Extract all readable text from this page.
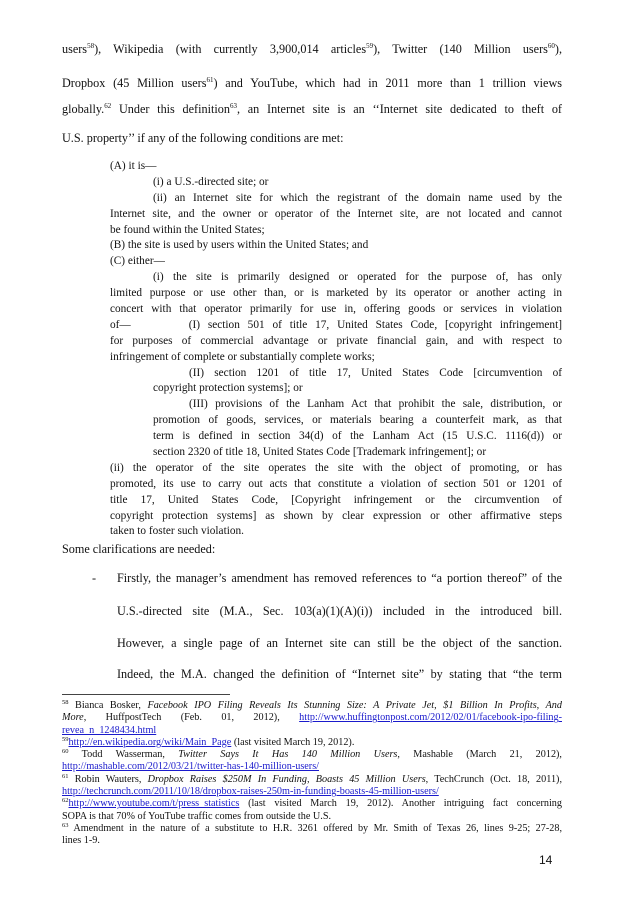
users$^{58}$), Wikipedia (with currently 3,900,014 articles$^{59}$), Twitter (140 Million users$^{60}$),
Dropbox (45 Million users$^{61}$) and YouTube, which had in 2011 more than 1 trillion views
globally.$^{62}$ Under this definition$^{63}$, an Internet site is an ‘‘Internet site dedicated to theft of
U.S. property’’ if any of the following conditions are met:
(A) it is—
(i) a U.S.-directed site; or
(ii) an Internet site for which the registrant of the domain name used by the
Internet site, and the owner or operator of the Internet site, are not located and cannot
be found within the United States;
(B) the site is used by users within the United States; and
(C) either—
(i) the site is primarily designed or operated for the purpose of, has only
limited purpose or use other than, or is marketed by its operator or another acting in
concert with that operator primarily for use in, offering goods or services in violation
of—	(I) section 501 of title 17, United States Code, [copyright infringement]
for purposes of commercial advantage or private financial gain, and with respect to
infringement of complete or substantially complete works;
(II) section 1201 of title 17, United States Code [circumvention of
copyright protection systems]; or
(III) provisions of the Lanham Act that prohibit the sale, distribution, or
promotion of goods, services, or materials bearing a counterfeit mark, as that
term is defined in section 34(d) of the Lanham Act (15 U.S.C. 1116(d)) or
section 2320 of title 18, United States Code [Trademark infringement]; or
(ii) the operator of the site operates the site with the object of promoting, or has
promoted, its use to carry out acts that constitute a violation of section 501 or 1201 of
title 17, United States Code, [Copyright infringement or the circumvention of
copyright protection systems] as shown by clear expression or other affirmative steps
taken to foster such violation.
Some clarifications are needed:
- Firstly, the manager’s amendment has removed references to “a portion thereof” of the
U.S.-directed site (M.A., Sec. 103(a)(1)(A)(i)) included in the introduced bill.
However, a single page of an Internet site can still be the object of the sanction.
Indeed, the M.A. changed the definition of “Internet site” by stating that “the term
$^{58}$ Bianca Bosker, Facebook IPO Filing Reveals Its Stunning Size: A Private Jet, $1 Billion In Profits, And
More, HuffpostTech (Feb. 01, 2012), http://www.huffingtonpost.com/2012/02/01/facebook-ipo-filing-
revea_n_1248434.html
$^{59}$http://en.wikipedia.org/wiki/Main_Page (last visited March 19, 2012).
$^{60}$ Todd Wasserman, Twitter Says It Has 140 Million Users, Mashable (March 21, 2012),
http://mashable.com/2012/03/21/twitter-has-140-million-users/
$^{61}$ Robin Wauters, Dropbox Raises $250M In Funding, Boasts 45 Million Users, TechCrunch (Oct. 18, 2011),
http://techcrunch.com/2011/10/18/dropbox-raises-250m-in-funding-boasts-45-million-users/
$^{62}$http://www.youtube.com/t/press_statistics (last visited March 19, 2012). Another intriguing fact concerning
SOPA is that 70% of YouTube traffic comes from outside the U.S.
$^{63}$ Amendment in the nature of a substitute to H.R. 3261 offered by Mr. Smith of Texas 26, lines 9-25; 27-28,
lines 1-9.
14
